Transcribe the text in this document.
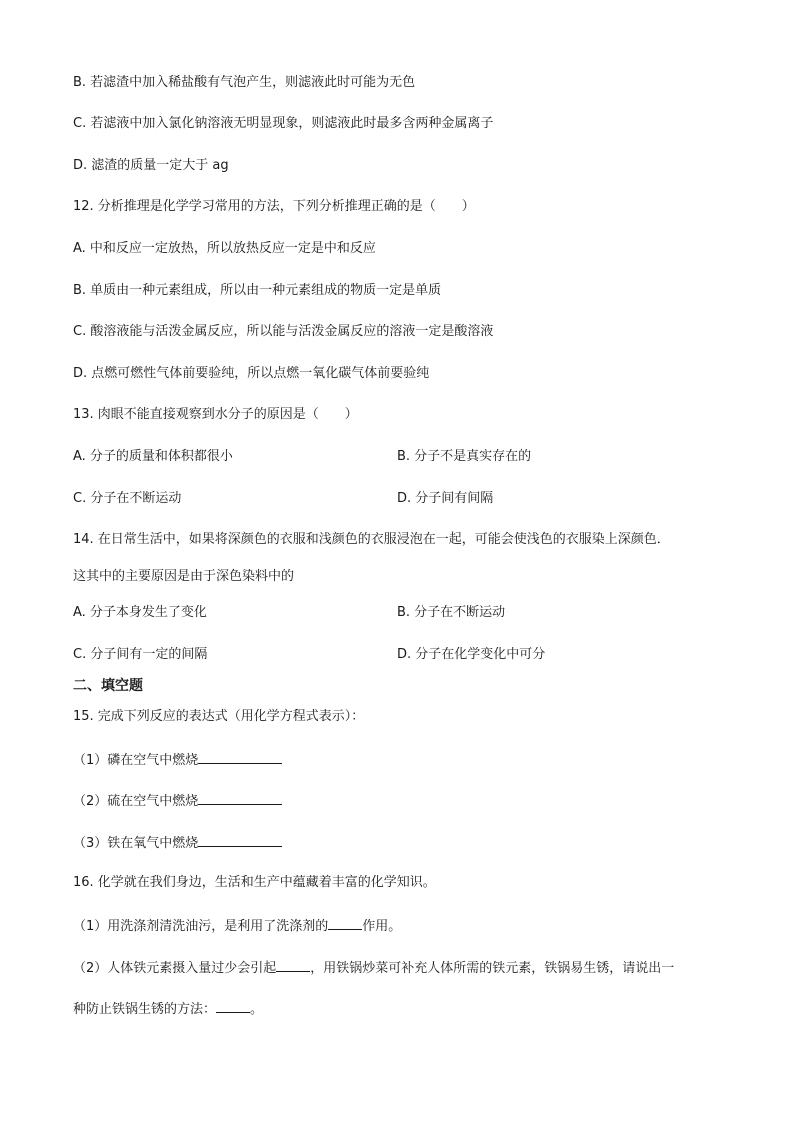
B. 若滤渣中加入稀盐酸有气泡产生，则滤液此时可能为无色
C. 若滤液中加入氯化钠溶液无明显现象，则滤液此时最多含两种金属离子
D. 滤渣的质量一定大于 ag
12. 分析推理是化学学习常用的方法，下列分析推理正确的是（　　）
A. 中和反应一定放热，所以放热反应一定是中和反应
B. 单质由一种元素组成，所以由一种元素组成的物质一定是单质
C. 酸溶液能与活泼金属反应，所以能与活泼金属反应的溶液一定是酸溶液
D. 点燃可燃性气体前要验纯，所以点燃一氧化碳气体前要验纯
13. 肉眼不能直接观察到水分子的原因是（　　）
A. 分子的质量和体积都很小	B. 分子不是真实存在的
C. 分子在不断运动	D. 分子间有间隔
14. 在日常生活中，如果将深颜色的衣服和浅颜色的衣服浸泡在一起，可能会使浅色的衣服染上深颜色．
这其中的主要原因是由于深色染料中的
A. 分子本身发生了变化	B. 分子在不断运动
C. 分子间有一定的间隔	D. 分子在化学变化中可分
二、填空题
15. 完成下列反应的表达式（用化学方程式表示）：
（1）磷在空气中燃烧
（2）硫在空气中燃烧
（3）铁在氧气中燃烧
16. 化学就在我们身边，生活和生产中蕴藏着丰富的化学知识。
（1）用洗涤剂清洗油污，是利用了洗涤剂的	作用。
（2）人体铁元素摄入量过少会引起	，用铁锅炒菜可补充人体所需的铁元素，铁锅易生锈，请说出一
种防止铁锅生锈的方法：	。
